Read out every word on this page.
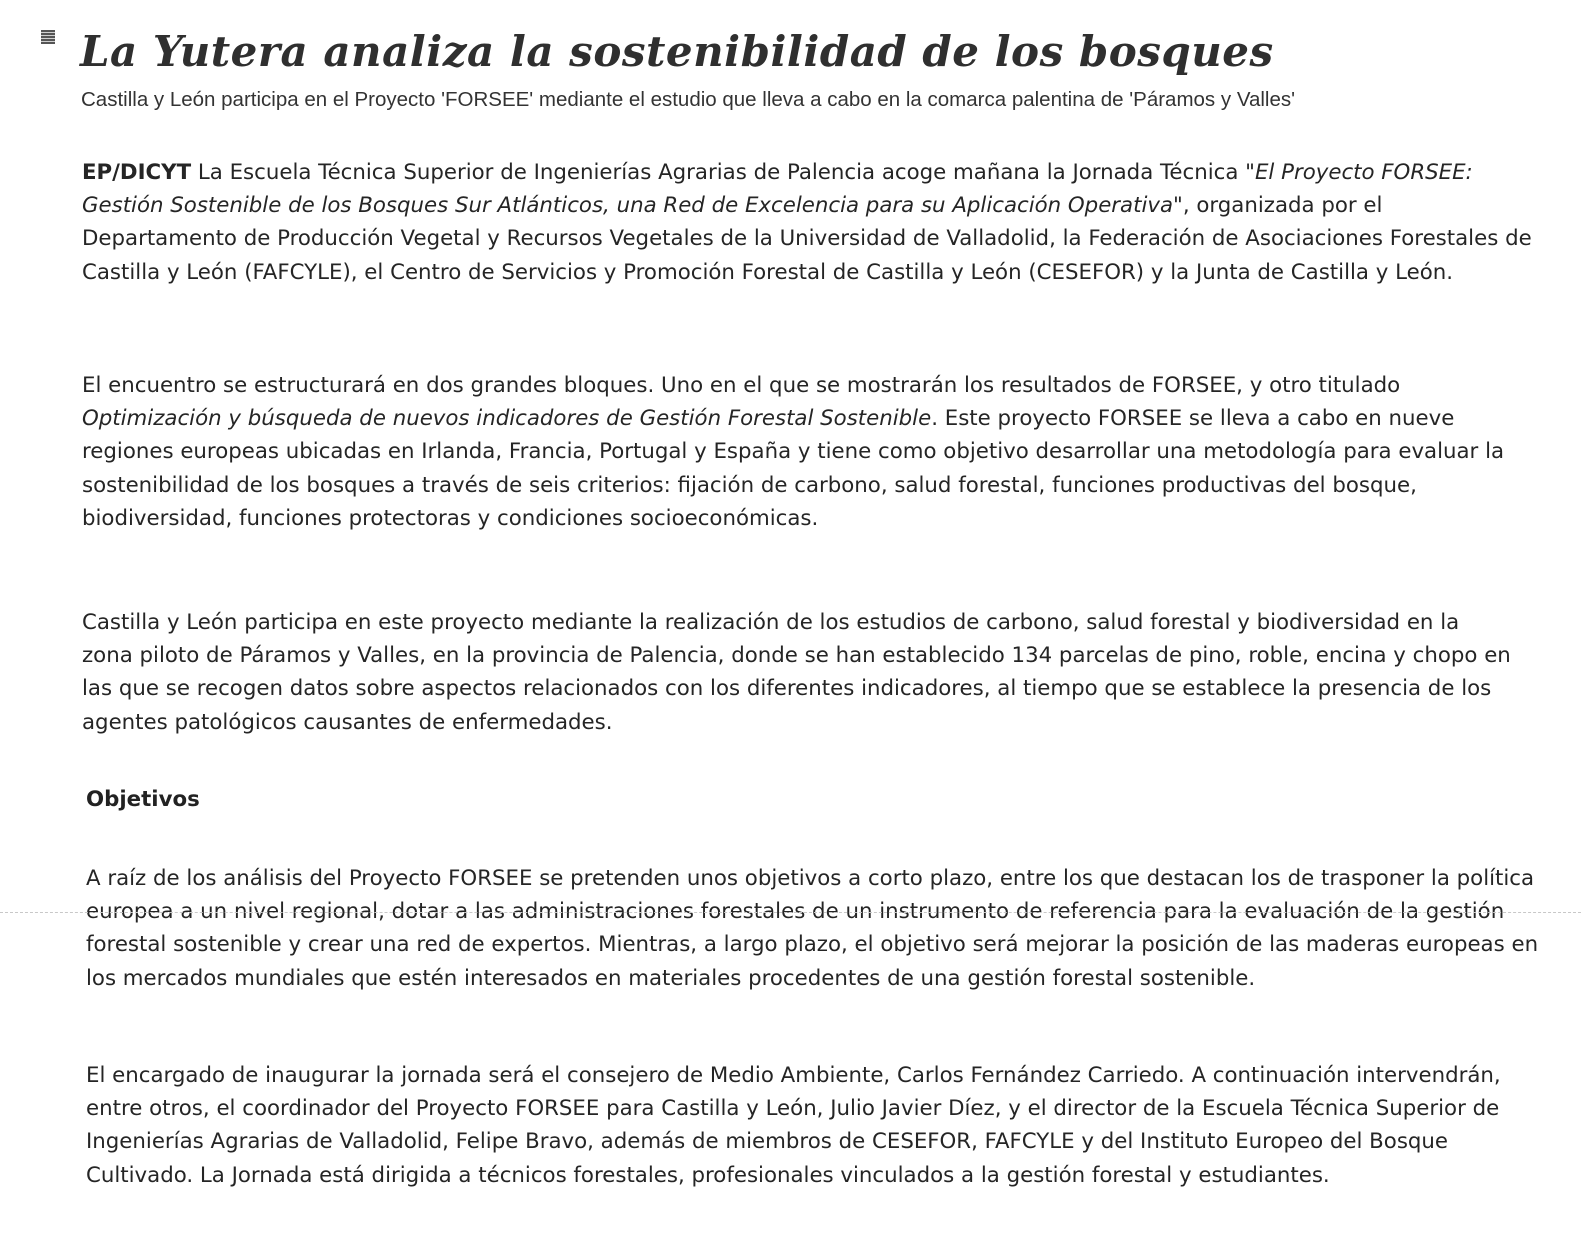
La Yutera analiza la sostenibilidad de los bosques

Castilla y León participa en el Proyecto 'FORSEE' mediante el estudio que lleva a cabo en la comarca palentina de 'Páramos y Valles'

EP/DICYT La Escuela Técnica Superior de Ingenierías Agrarias de Palencia acoge mañana la Jornada Técnica "El Proyecto FORSEE: Gestión Sostenible de los Bosques Sur Atlánticos, una Red de Excelencia para su Aplicación Operativa", organizada por el Departamento de Producción Vegetal y Recursos Vegetales de la Universidad de Valladolid, la Federación de Asociaciones Forestales de Castilla y León (FAFCYLE), el Centro de Servicios y Promoción Forestal de Castilla y León (CESEFOR) y la Junta de Castilla y León.

El encuentro se estructurará en dos grandes bloques. Uno en el que se mostrarán los resultados de FORSEE, y otro titulado Optimización y búsqueda de nuevos indicadores de Gestión Forestal Sostenible. Este proyecto FORSEE se lleva a cabo en nueve regiones europeas ubicadas en Irlanda, Francia, Portugal y España y tiene como objetivo desarrollar una metodología para evaluar la sostenibilidad de los bosques a través de seis criterios: fijación de carbono, salud forestal, funciones productivas del bosque, biodiversidad, funciones protectoras y condiciones socioeconómicas.

Castilla y León participa en este proyecto mediante la realización de los estudios de carbono, salud forestal y biodiversidad en la zona piloto de Páramos y Valles, en la provincia de Palencia, donde se han establecido 134 parcelas de pino, roble, encina y chopo en las que se recogen datos sobre aspectos relacionados con los diferentes indicadores, al tiempo que se establece la presencia de los agentes patológicos causantes de enfermedades.

Objetivos

A raíz de los análisis del Proyecto FORSEE se pretenden unos objetivos a corto plazo, entre los que destacan los de trasponer la política europea a un nivel regional, dotar a las administraciones forestales de un instrumento de referencia para la evaluación de la gestión forestal sostenible y crear una red de expertos. Mientras, a largo plazo, el objetivo será mejorar la posición de las maderas europeas en los mercados mundiales que estén interesados en materiales procedentes de una gestión forestal sostenible.

El encargado de inaugurar la jornada será el consejero de Medio Ambiente, Carlos Fernández Carriedo. A continuación intervendrán, entre otros, el coordinador del Proyecto FORSEE para Castilla y León, Julio Javier Díez, y el director de la Escuela Técnica Superior de Ingenierías Agrarias de Valladolid, Felipe Bravo, además de miembros de CESEFOR, FAFCYLE y del Instituto Europeo del Bosque Cultivado. La Jornada está dirigida a técnicos forestales, profesionales vinculados a la gestión forestal y estudiantes.
